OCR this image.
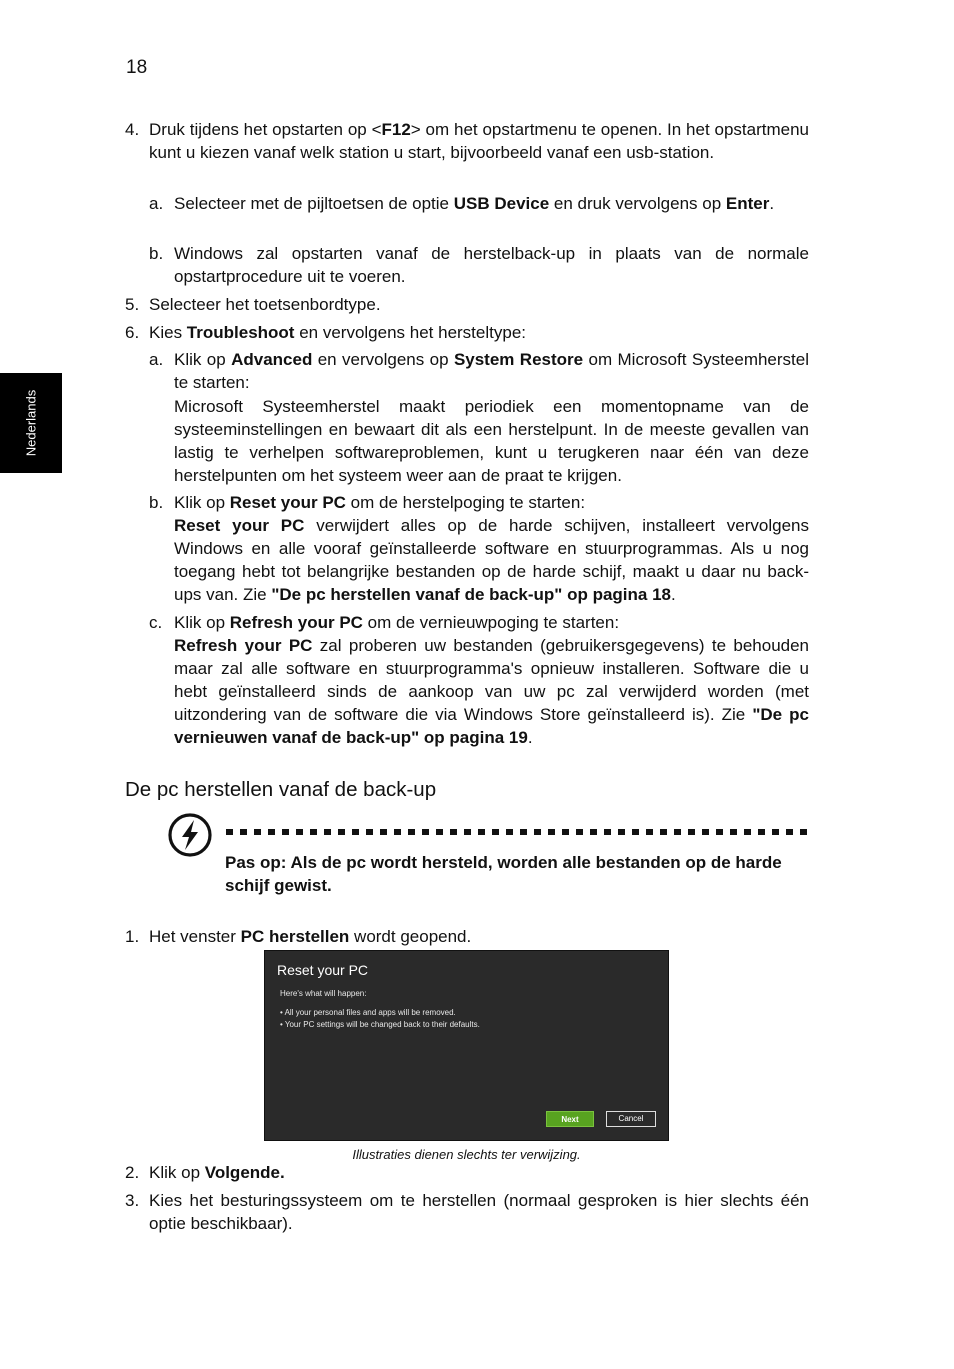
18
Nederlands
4. Druk tijdens het opstarten op <F12> om het opstartmenu te openen. In het opstartmenu kunt u kiezen vanaf welk station u start, bijvoorbeeld vanaf een usb-station.
a. Selecteer met de pijltoetsen de optie USB Device en druk vervolgens op Enter.
b. Windows zal opstarten vanaf de herstelback-up in plaats van de normale opstartprocedure uit te voeren.
5. Selecteer het toetsenbordtype.
6. Kies Troubleshoot en vervolgens het hersteltype:
a. Klik op Advanced en vervolgens op System Restore om Microsoft Systeemherstel te starten:
Microsoft Systeemherstel maakt periodiek een momentopname van de systeeminstellingen en bewaart dit als een herstelpunt. In de meeste gevallen van lastig te verhelpen softwareproblemen, kunt u terugkeren naar één van deze herstelpunten om het systeem weer aan de praat te krijgen.
b. Klik op Reset your PC om de herstelpoging te starten:
Reset your PC verwijdert alles op de harde schijven, installeert vervolgens Windows en alle vooraf geïnstalleerde software en stuurprogrammas. Als u nog toegang hebt tot belangrijke bestanden op de harde schijf, maakt u daar nu back-ups van. Zie "De pc herstellen vanaf de back-up" op pagina 18.
c. Klik op Refresh your PC om de vernieuwpoging te starten:
Refresh your PC zal proberen uw bestanden (gebruikersgegevens) te behouden maar zal alle software en stuurprogramma's opnieuw installeren. Software die u hebt geïnstalleerd sinds de aankoop van uw pc zal verwijderd worden (met uitzondering van de software die via Windows Store geïnstalleerd is). Zie "De pc vernieuwen vanaf de back-up" op pagina 19.
De pc herstellen vanaf de back-up
Pas op: Als de pc wordt hersteld, worden alle bestanden op de harde schijf gewist.
1. Het venster PC herstellen wordt geopend.
Reset your PC
Here's what will happen:
• All your personal files and apps will be removed.
• Your PC settings will be changed back to their defaults.
Next	Cancel
Illustraties dienen slechts ter verwijzing.
2. Klik op Volgende.
3. Kies het besturingssysteem om te herstellen (normaal gesproken is hier slechts één optie beschikbaar).
